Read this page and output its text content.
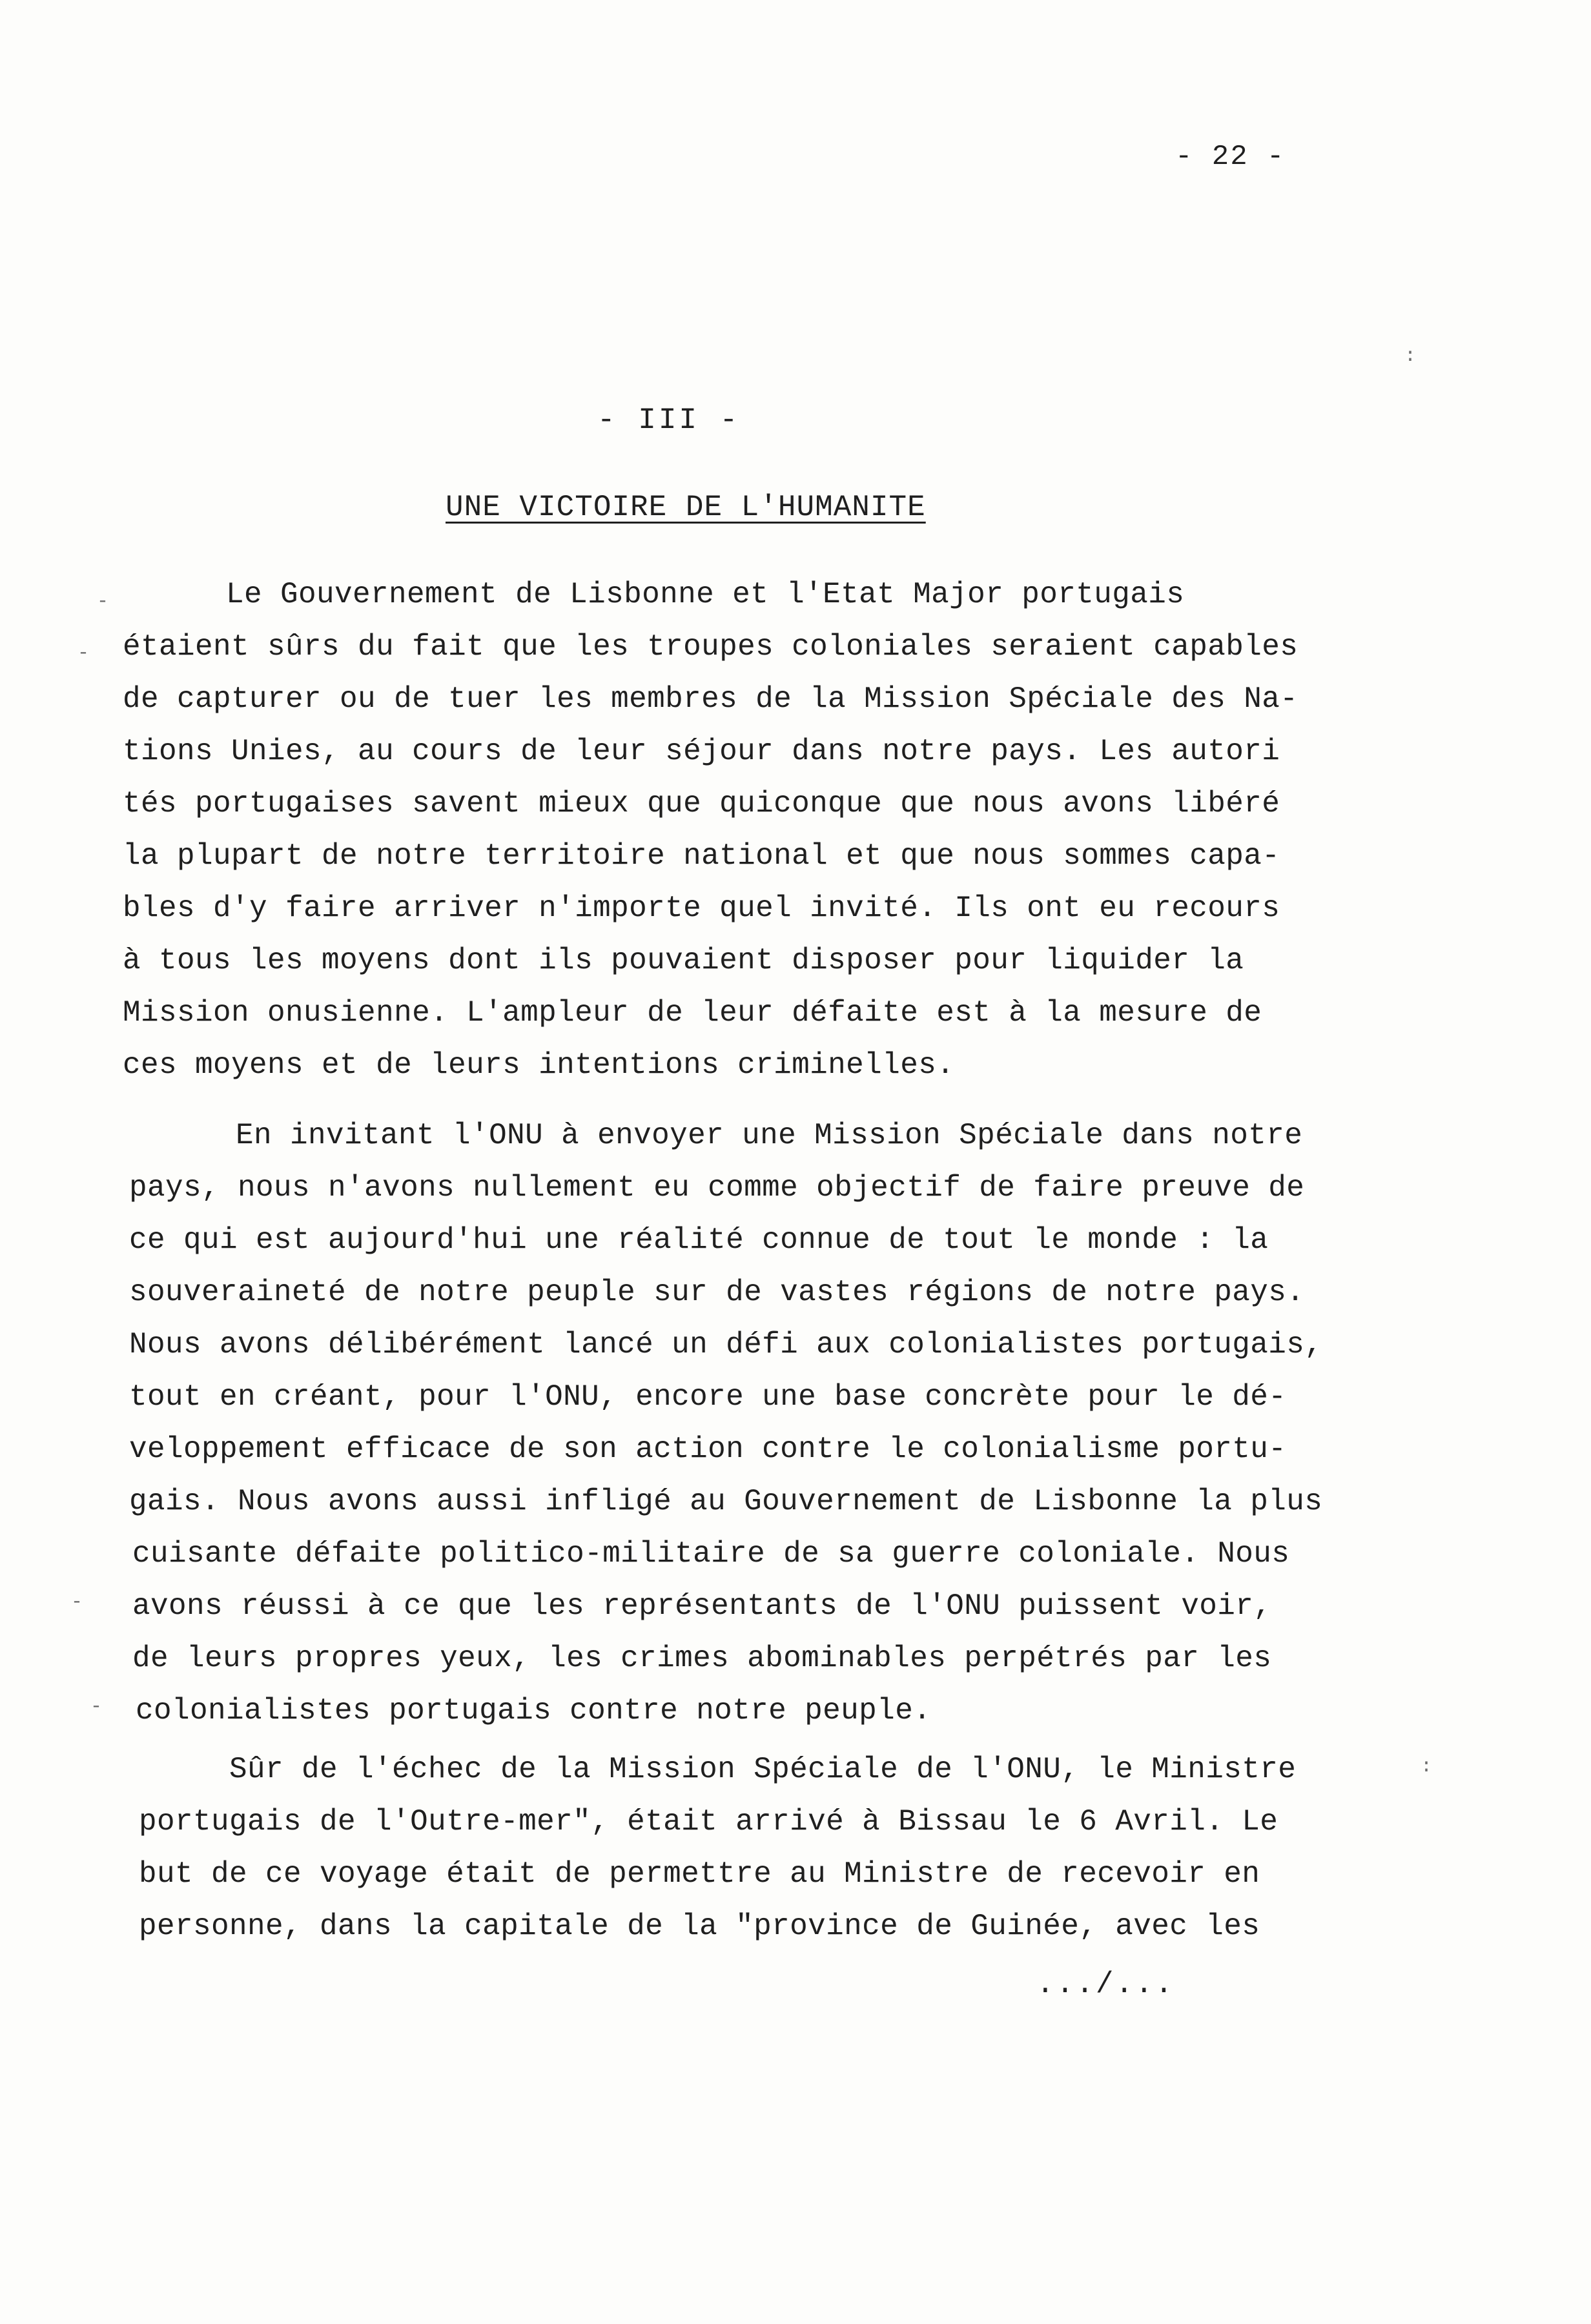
- 22 -
- III -
UNE VICTOIRE DE L'HUMANITE
Le Gouvernement de Lisbonne et l'Etat Major portugais
étaient sûrs du fait que les troupes coloniales seraient capables
de capturer ou de tuer les membres de la Mission Spéciale des Na-
tions Unies, au cours de leur séjour dans notre pays. Les autori
tés portugaises savent mieux que quiconque que nous avons libéré
la plupart de notre territoire national et que nous sommes capa-
bles d'y faire arriver n'importe quel invité. Ils ont eu recours
à tous les moyens dont ils pouvaient disposer pour liquider la
Mission onusienne. L'ampleur de leur défaite est à la mesure de
ces moyens et de leurs intentions criminelles.
En invitant l'ONU à envoyer une Mission Spéciale dans notre
pays, nous n'avons nullement eu comme objectif de faire preuve de
ce qui est aujourd'hui une réalité connue de tout le monde : la
souveraineté de notre peuple sur de vastes régions de notre pays.
Nous avons délibérément lancé un défi aux colonialistes portugais,
tout en créant, pour l'ONU, encore une base concrète pour le dé-
veloppement efficace de son action contre le colonialisme portu-
gais. Nous avons aussi infligé au Gouvernement de Lisbonne la plus
cuisante défaite politico-militaire de sa guerre coloniale. Nous
avons réussi à ce que les représentants de l'ONU puissent voir,
de leurs propres yeux, les crimes abominables perpétrés par les
colonialistes portugais contre notre peuple.
Sûr de l'échec de la Mission Spéciale de l'ONU, le Ministre
portugais de l'Outre-mer", était arrivé à Bissau le 6 Avril. Le
but de ce voyage était de permettre au Ministre de recevoir en
personne, dans la capitale de la "province de Guinée, avec les
.../...
-
-
-
-
:
:
